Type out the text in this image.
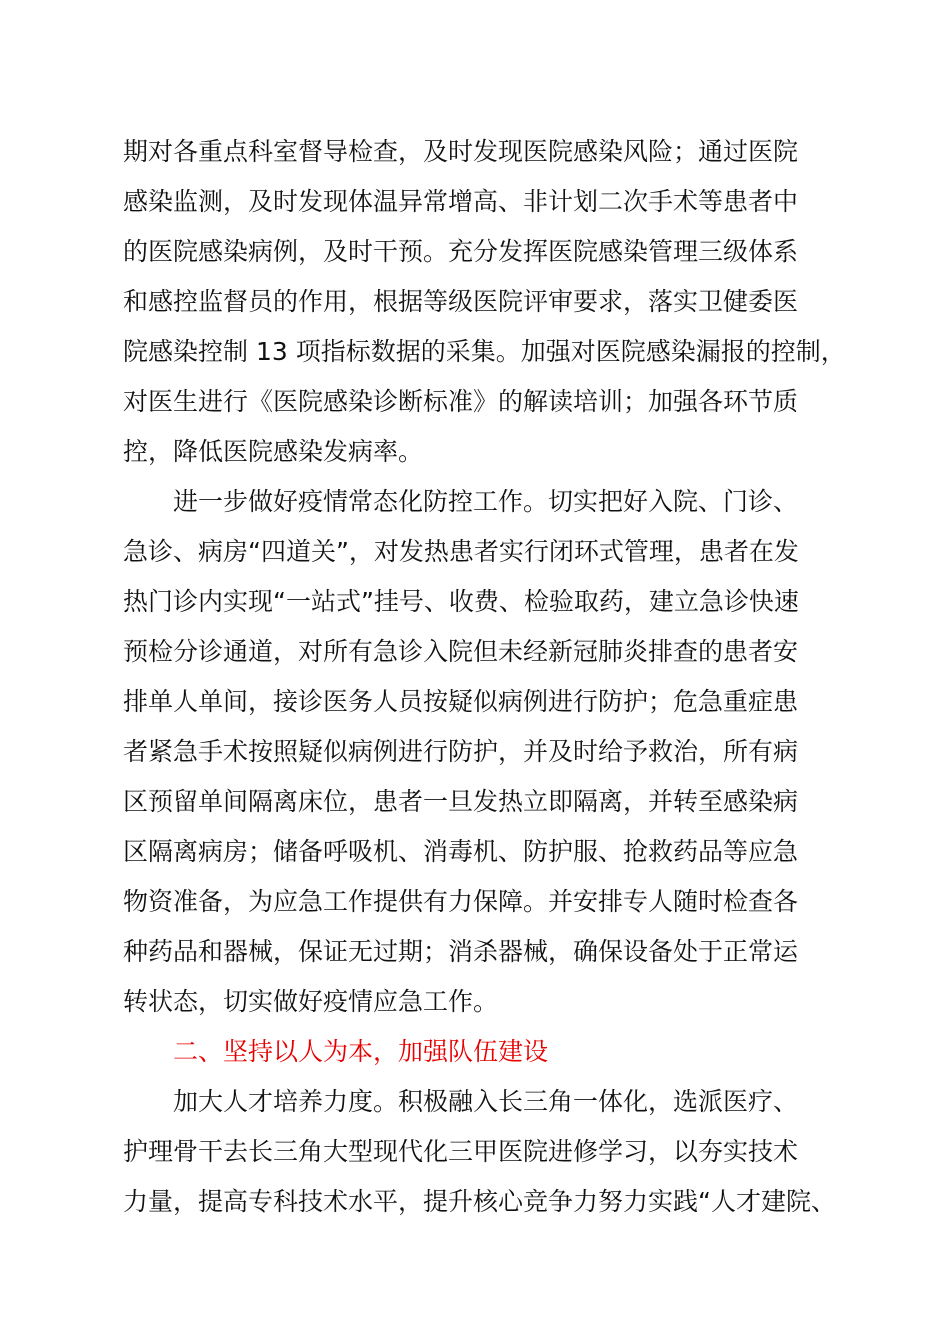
期对各重点科室督导检查，及时发现医院感染风险；通过医院
感染监测，及时发现体温异常增高、非计划二次手术等患者中
的医院感染病例，及时干预。充分发挥医院感染管理三级体系
和感控监督员的作用，根据等级医院评审要求，落实卫健委医
院感染控制 13 项指标数据的采集。加强对医院感染漏报的控制，
对医生进行《医院感染诊断标准》的解读培训；加强各环节质
控，降低医院感染发病率。
进一步做好疫情常态化防控工作。切实把好入院、门诊、
急诊、病房“四道关”，对发热患者实行闭环式管理，患者在发
热门诊内实现“一站式”挂号、收费、检验取药，建立急诊快速
预检分诊通道，对所有急诊入院但未经新冠肺炎排查的患者安
排单人单间，接诊医务人员按疑似病例进行防护；危急重症患
者紧急手术按照疑似病例进行防护，并及时给予救治，所有病
区预留单间隔离床位，患者一旦发热立即隔离，并转至感染病
区隔离病房；储备呼吸机、消毒机、防护服、抢救药品等应急
物资准备，为应急工作提供有力保障。并安排专人随时检查各
种药品和器械，保证无过期；消杀器械，确保设备处于正常运
转状态，切实做好疫情应急工作。
二、坚持以人为本，加强队伍建设
加大人才培养力度。积极融入长三角一体化，选派医疗、
护理骨干去长三角大型现代化三甲医院进修学习，以夯实技术
力量，提高专科技术水平，提升核心竞争力努力实践“人才建院、
